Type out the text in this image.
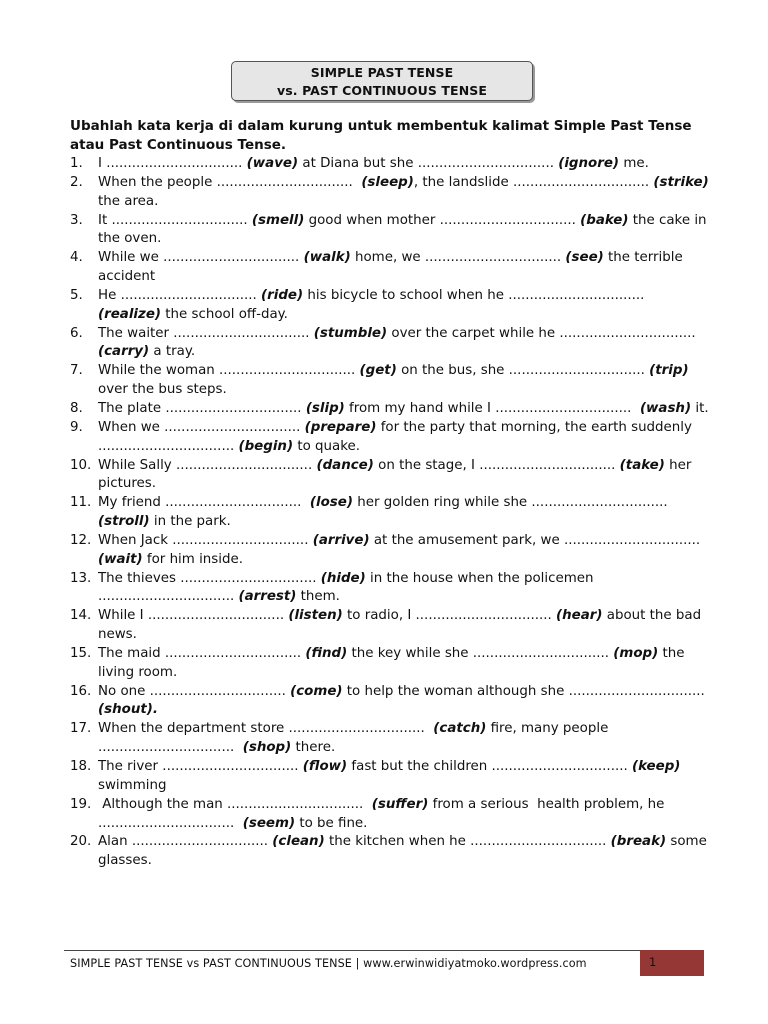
SIMPLE PAST TENSE
vs. PAST CONTINUOUS TENSE
Ubahlah kata kerja di dalam kurung untuk membentuk kalimat Simple Past Tense atau Past Continuous Tense.
1. I ................................ (wave) at Diana but she ................................ (ignore) me.
2. When the people ................................  (sleep), the landslide ................................ (strike) the area.
3. It ................................ (smell) good when mother ................................ (bake) the cake in the oven.
4. While we ................................ (walk) home, we ................................ (see) the terrible accident
5. He ................................ (ride) his bicycle to school when he ................................ (realize) the school off-day.
6. The waiter ................................ (stumble) over the carpet while he ................................ (carry) a tray.
7. While the woman ................................ (get) on the bus, she ................................ (trip) over the bus steps.
8. The plate ................................ (slip) from my hand while I ................................  (wash) it.
9. When we ................................ (prepare) for the party that morning, the earth suddenly ................................ (begin) to quake.
10. While Sally ................................ (dance) on the stage, I ................................ (take) her pictures.
11. My friend ................................  (lose) her golden ring while she ................................ (stroll) in the park.
12. When Jack ................................ (arrive) at the amusement park, we ................................  (wait) for him inside.
13. The thieves ................................ (hide) in the house when the policemen ................................ (arrest) them.
14. While I ................................ (listen) to radio, I ................................ (hear) about the bad news.
15. The maid ................................ (find) the key while she ................................ (mop) the living room.
16. No one ................................ (come) to help the woman although she ................................ (shout).
17. When the department store ................................  (catch) fire, many people ................................  (shop) there.
18. The river ................................ (flow) fast but the children ................................ (keep) swimming
19. Although the man ................................  (suffer) from a serious  health problem, he ................................  (seem) to be fine.
20. Alan ................................ (clean) the kitchen when he ................................ (break) some glasses.
SIMPLE PAST TENSE vs PAST CONTINUOUS TENSE | www.erwinwidiyatmoko.wordpress.com	1
